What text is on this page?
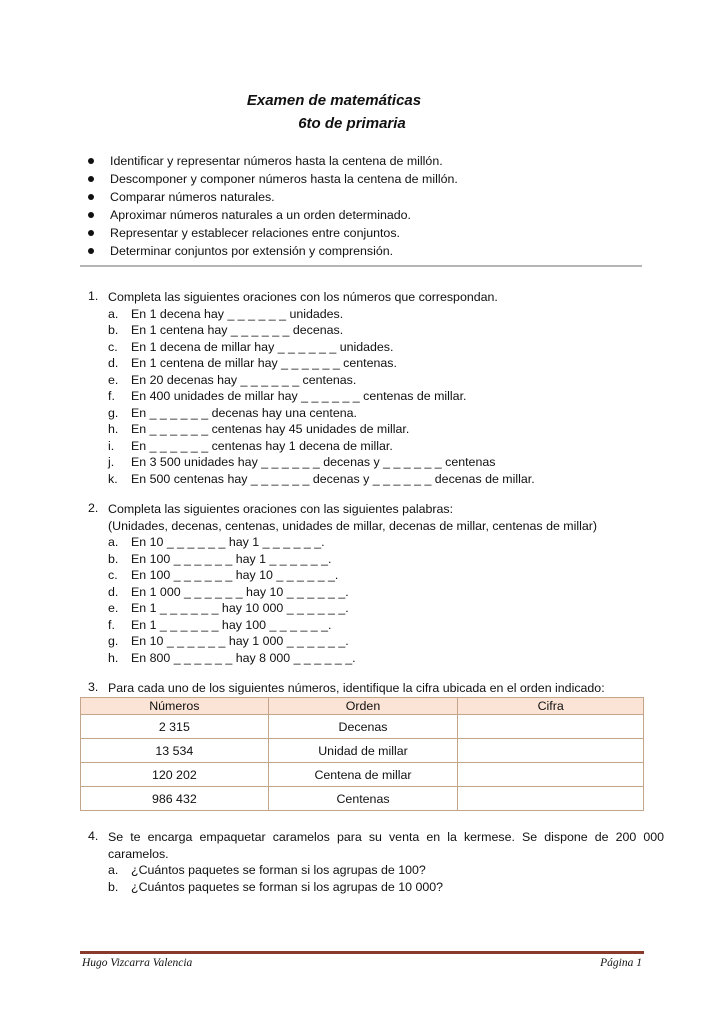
Examen de matemáticas
6to de primaria
Identificar y representar números hasta la centena de millón.
Descomponer y componer números hasta la centena de millón.
Comparar números naturales.
Aproximar números naturales a un orden determinado.
Representar y establecer relaciones entre conjuntos.
Determinar conjuntos por extensión y comprensión.
1. Completa las siguientes oraciones con los números que correspondan.
a. En 1 decena hay _ _ _ _ _ _ unidades.
b. En 1 centena hay _ _ _ _ _ _ decenas.
c. En 1 decena de millar hay _ _ _ _ _ _ unidades.
d. En 1 centena de millar hay _ _ _ _ _ _ centenas.
e. En 20 decenas hay _ _ _ _ _ _ centenas.
f. En 400 unidades de millar hay _ _ _ _ _ _ centenas de millar.
g. En _ _ _ _ _ _ decenas hay una centena.
h. En _ _ _ _ _ _ centenas hay 45 unidades de millar.
i. En _ _ _ _ _ _ centenas hay 1 decena de millar.
j. En 3 500 unidades hay _ _ _ _ _ _ decenas y _ _ _ _ _ _ centenas
k. En 500 centenas hay _ _ _ _ _ _ decenas y _ _ _ _ _ _ decenas de millar.
2. Completa las siguientes oraciones con las siguientes palabras:
(Unidades, decenas, centenas, unidades de millar, decenas de millar, centenas de millar)
a. En 10 _ _ _ _ _ _ hay 1 _ _ _ _ _ _.
b. En 100 _ _ _ _ _ _ hay 1 _ _ _ _ _ _.
c. En 100 _ _ _ _ _ _ hay 10 _ _ _ _ _ _.
d. En 1 000 _ _ _ _ _ _ hay 10 _ _ _ _ _ _.
e. En 1 _ _ _ _ _ _ hay 10 000 _ _ _ _ _ _.
f. En 1 _ _ _ _ _ _ hay 100 _ _ _ _ _ _.
g. En 10 _ _ _ _ _ _ hay 1 000 _ _ _ _ _ _.
h. En 800 _ _ _ _ _ _ hay 8 000 _ _ _ _ _ _.
3. Para cada uno de los siguientes números, identifique la cifra ubicada en el orden indicado:
Números	Orden	Cifra
2 315	Decenas	
13 534	Unidad de millar	
120 202	Centena de millar	
986 432	Centenas	
4. Se te encarga empaquetar caramelos para su venta en la kermese. Se dispone de 200 000
caramelos.
a. ¿Cuántos paquetes se forman si los agrupas de 100?
b. ¿Cuántos paquetes se forman si los agrupas de 10 000?
Hugo Vizcarra Valencia	Página 1
